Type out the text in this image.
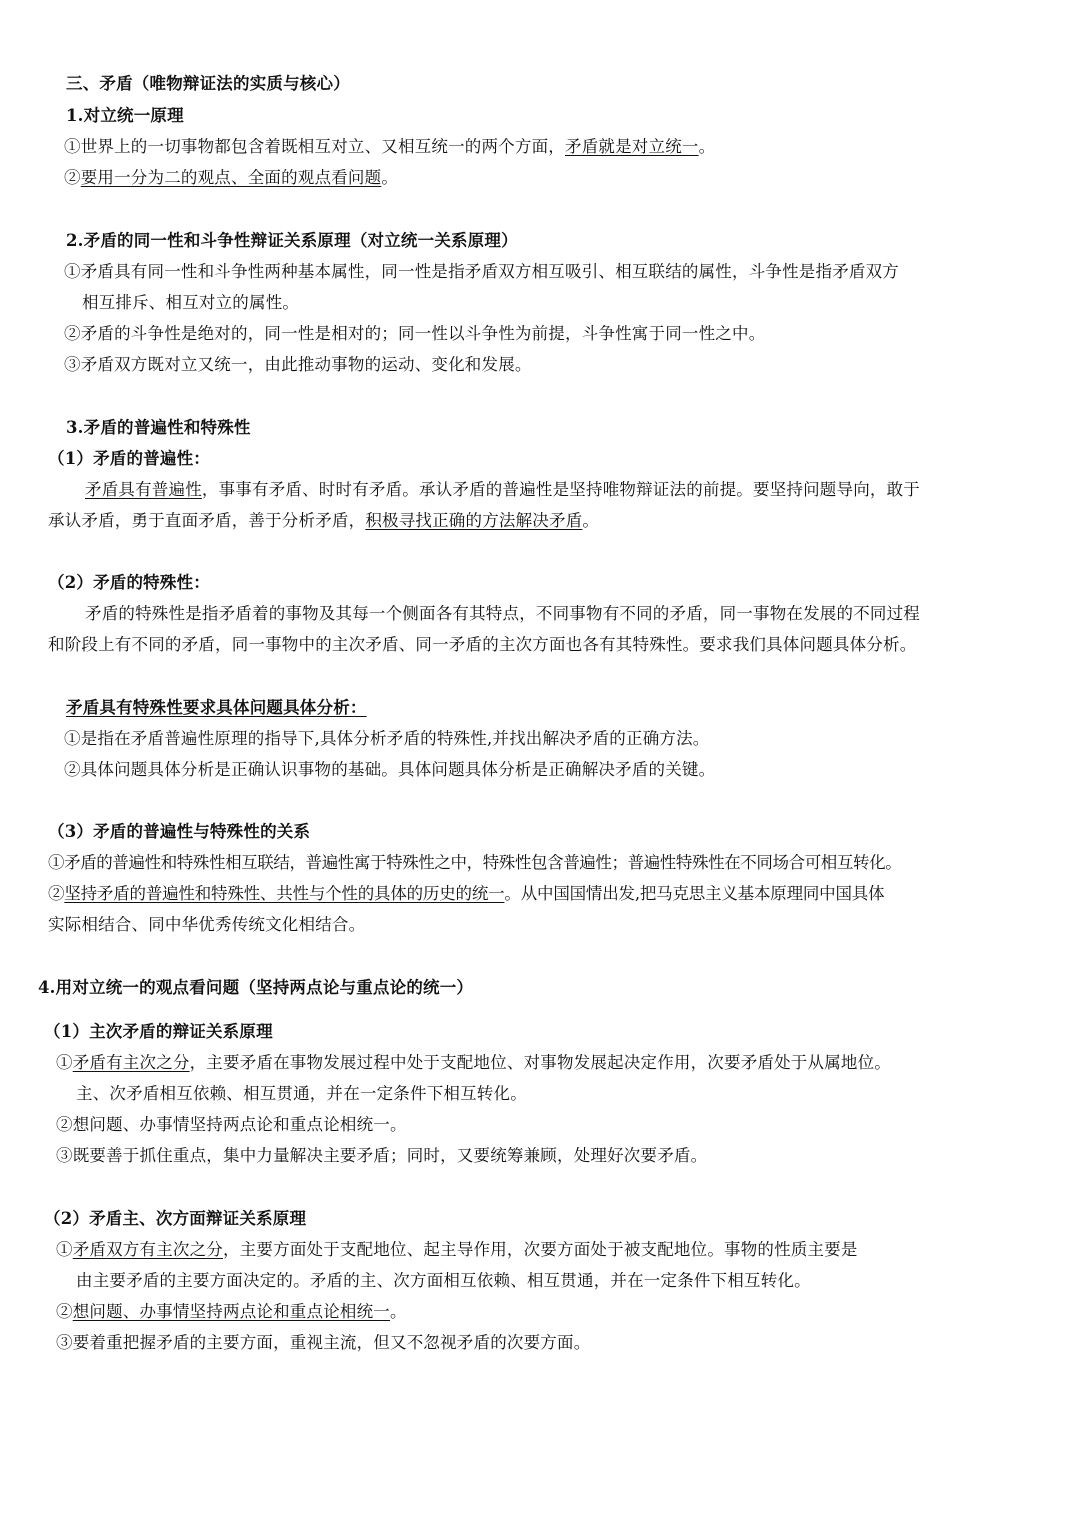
三、矛盾（唯物辩证法的实质与核心）
1.对立统一原理
①世界上的一切事物都包含着既相互对立、又相互统一的两个方面，矛盾就是对立统一。
②要用一分为二的观点、全面的观点看问题。
2.矛盾的同一性和斗争性辩证关系原理（对立统一关系原理）
①矛盾具有同一性和斗争性两种基本属性，同一性是指矛盾双方相互吸引、相互联结的属性，斗争性是指矛盾双方
相互排斥、相互对立的属性。
②矛盾的斗争性是绝对的，同一性是相对的；同一性以斗争性为前提，斗争性寓于同一性之中。
③矛盾双方既对立又统一，由此推动事物的运动、变化和发展。
3.矛盾的普遍性和特殊性
（1）矛盾的普遍性：
矛盾具有普遍性，事事有矛盾、时时有矛盾。承认矛盾的普遍性是坚持唯物辩证法的前提。要坚持问题导向，敢于
承认矛盾，勇于直面矛盾，善于分析矛盾，积极寻找正确的方法解决矛盾。
（2）矛盾的特殊性：
矛盾的特殊性是指矛盾着的事物及其每一个侧面各有其特点，不同事物有不同的矛盾，同一事物在发展的不同过程
和阶段上有不同的矛盾，同一事物中的主次矛盾、同一矛盾的主次方面也各有其特殊性。要求我们具体问题具体分析。
矛盾具有特殊性要求具体问题具体分析：
①是指在矛盾普遍性原理的指导下,具体分析矛盾的特殊性,并找出解决矛盾的正确方法。
②具体问题具体分析是正确认识事物的基础。具体问题具体分析是正确解决矛盾的关键。
（3）矛盾的普遍性与特殊性的关系
①矛盾的普遍性和特殊性相互联结，普遍性寓于特殊性之中，特殊性包含普遍性；普遍性特殊性在不同场合可相互转化。
②坚持矛盾的普遍性和特殊性、共性与个性的具体的历史的统一。从中国国情出发,把马克思主义基本原理同中国具体
实际相结合、同中华优秀传统文化相结合。
4.用对立统一的观点看问题（坚持两点论与重点论的统一）
（1）主次矛盾的辩证关系原理
①矛盾有主次之分，主要矛盾在事物发展过程中处于支配地位、对事物发展起决定作用，次要矛盾处于从属地位。
主、次矛盾相互依赖、相互贯通，并在一定条件下相互转化。
②想问题、办事情坚持两点论和重点论相统一。
③既要善于抓住重点，集中力量解决主要矛盾；同时，又要统筹兼顾，处理好次要矛盾。
（2）矛盾主、次方面辩证关系原理
①矛盾双方有主次之分，主要方面处于支配地位、起主导作用，次要方面处于被支配地位。事物的性质主要是
由主要矛盾的主要方面决定的。矛盾的主、次方面相互依赖、相互贯通，并在一定条件下相互转化。
②想问题、办事情坚持两点论和重点论相统一。
③要着重把握矛盾的主要方面，重视主流，但又不忽视矛盾的次要方面。
